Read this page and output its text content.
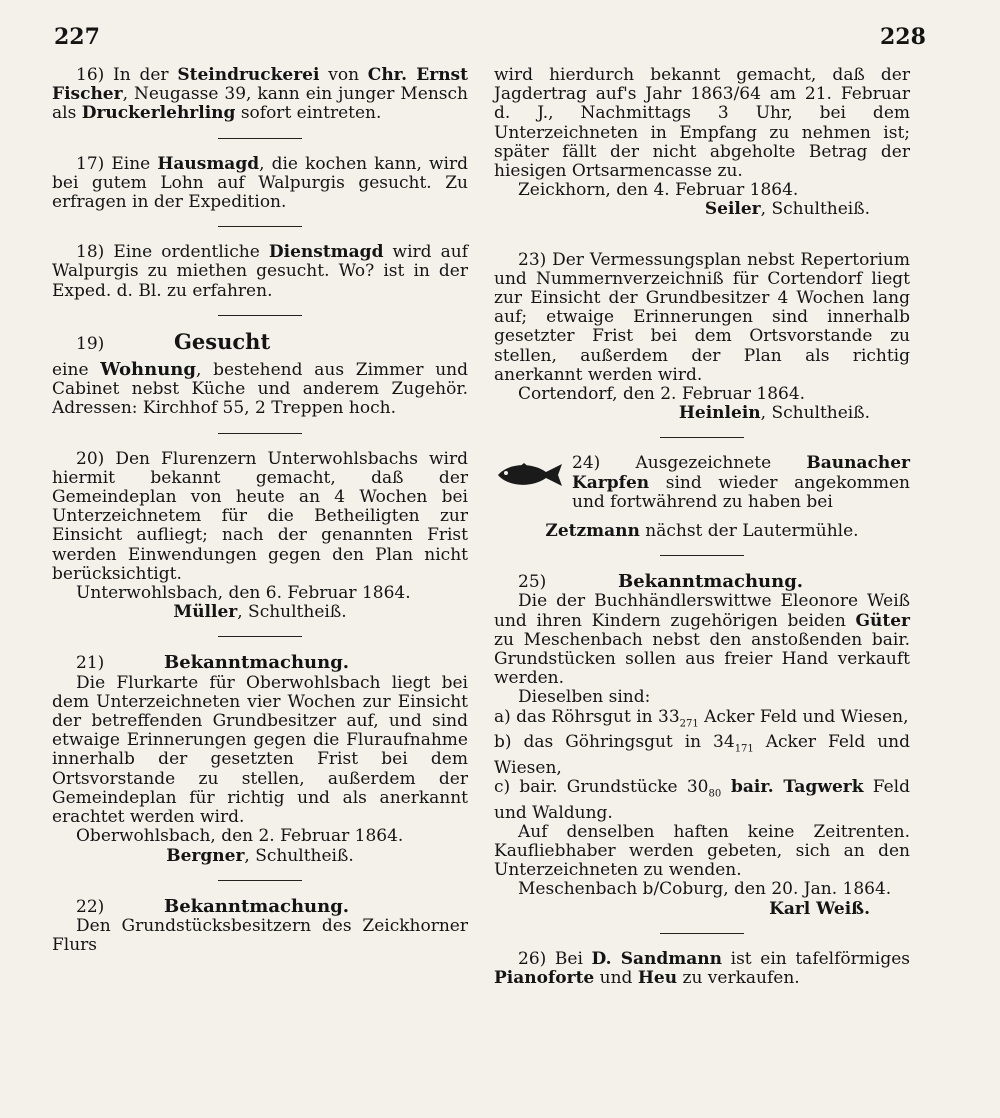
227	228

16) In der Steindruckerei von Chr. Ernst Fischer, Neugasse 39, kann ein junger Mensch als Druckerlehrling sofort eintreten.

17) Eine Hausmagd, die kochen kann, wird bei gutem Lohn auf Walpurgis gesucht. Zu erfragen in der Expedition.

18) Eine ordentliche Dienstmagd wird auf Walpurgis zu miethen gesucht. Wo? ist in der Exped. d. Bl. zu erfahren.

19)	Gesucht

eine Wohnung, bestehend aus Zimmer und Cabinet nebst Küche und anderem Zugehör. Adressen: Kirchhof 55, 2 Treppen hoch.

20) Den Flurenzern Unterwohlsbachs wird hiermit bekannt gemacht, daß der Gemeindeplan von heute an 4 Wochen bei Unterzeichnetem für die Betheiligten zur Einsicht aufliegt; nach der genannten Frist werden Einwendungen gegen den Plan nicht berücksichtigt.

Unterwohlsbach, den 6. Februar 1864.

Müller, Schultheiß.

21)	Bekanntmachung.

Die Flurkarte für Oberwohlsbach liegt bei dem Unterzeichneten vier Wochen zur Einsicht der betreffenden Grundbesitzer auf, und sind etwaige Erinnerungen gegen die Fluraufnahme innerhalb der gesetzten Frist bei dem Ortsvorstande zu stellen, außerdem der Gemeindeplan für richtig und als anerkannt erachtet werden wird.

Oberwohlsbach, den 2. Februar 1864.

Bergner, Schultheiß.

22)	Bekanntmachung.

Den Grundstücksbesitzern des Zeickhorner Flurs

wird hierdurch bekannt gemacht, daß der Jagdertrag auf's Jahr 1863/64 am 21. Februar d. J., Nachmittags 3 Uhr, bei dem Unterzeichneten in Empfang zu nehmen ist; später fällt der nicht abgeholte Betrag der hiesigen Ortsarmencasse zu.

Zeickhorn, den 4. Februar 1864.

Seiler, Schultheiß.

23) Der Vermessungsplan nebst Repertorium und Nummernverzeichniß für Cortendorf liegt zur Einsicht der Grundbesitzer 4 Wochen lang auf; etwaige Erinnerungen sind innerhalb gesetzter Frist bei dem Ortsvorstande zu stellen, außerdem der Plan als richtig anerkannt werden wird.

Cortendorf, den 2. Februar 1864.

Heinlein, Schultheiß.

24) Ausgezeichnete Baunacher Karpfen sind wieder angekommen und fortwährend zu haben bei

Zetzmann nächst der Lautermühle.

25)	Bekanntmachung.

Die der Buchhändlerswittwe Eleonore Weiß und ihren Kindern zugehörigen beiden Güter zu Meschenbach nebst den anstoßenden bair. Grundstücken sollen aus freier Hand verkauft werden.

Dieselben sind:

a) das Röhrsgut in $33_{271}$ Acker Feld und Wiesen,

b) das Göhringsgut in $34_{171}$ Acker Feld und Wiesen,

c) bair. Grundstücke $30_{80}$ bair. Tagwerk Feld und Waldung.

Auf denselben haften keine Zeitrenten. Kaufliebhaber werden gebeten, sich an den Unterzeichneten zu wenden.

Meschenbach b/Coburg, den 20. Jan. 1864.

Karl Weiß.

26) Bei D. Sandmann ist ein tafelförmiges Pianoforte und Heu zu verkaufen.
